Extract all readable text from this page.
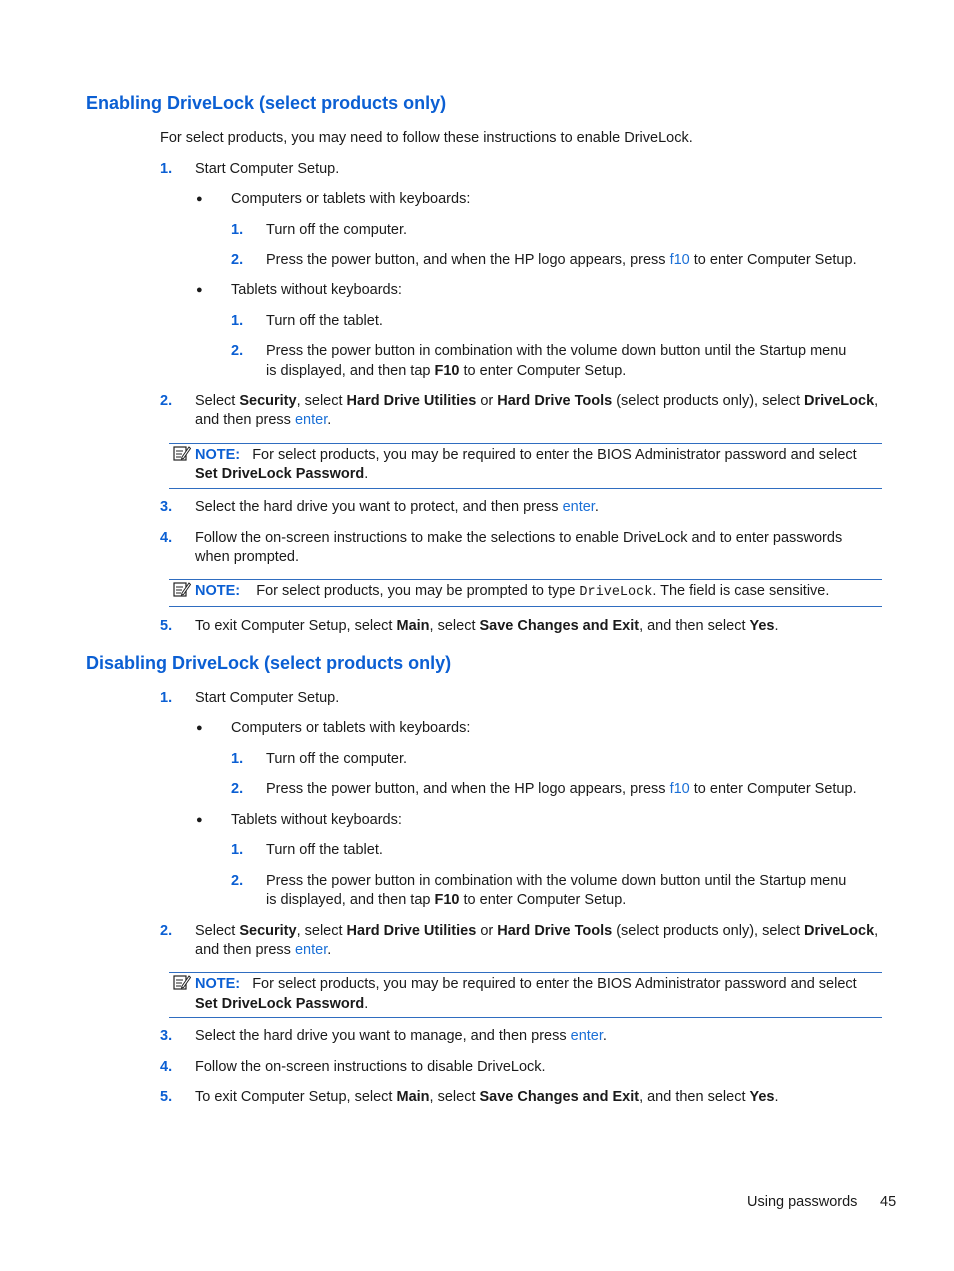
Enabling DriveLock (select products only)
For select products, you may need to follow these instructions to enable DriveLock.
1. Start Computer Setup.
● Computers or tablets with keyboards:
1. Turn off the computer.
2. Press the power button, and when the HP logo appears, press f10 to enter Computer Setup.
● Tablets without keyboards:
1. Turn off the tablet.
2. Press the power button in combination with the volume down button until the Startup menu
is displayed, and then tap F10 to enter Computer Setup.
2. Select Security, select Hard Drive Utilities or Hard Drive Tools (select products only), select DriveLock,
and then press enter.
NOTE: For select products, you may be required to enter the BIOS Administrator password and select
Set DriveLock Password.
3. Select the hard drive you want to protect, and then press enter.
4. Follow the on-screen instructions to make the selections to enable DriveLock and to enter passwords
when prompted.
NOTE: For select products, you may be prompted to type DriveLock. The field is case sensitive.
5. To exit Computer Setup, select Main, select Save Changes and Exit, and then select Yes.
Disabling DriveLock (select products only)
1. Start Computer Setup.
● Computers or tablets with keyboards:
1. Turn off the computer.
2. Press the power button, and when the HP logo appears, press f10 to enter Computer Setup.
● Tablets without keyboards:
1. Turn off the tablet.
2. Press the power button in combination with the volume down button until the Startup menu
is displayed, and then tap F10 to enter Computer Setup.
2. Select Security, select Hard Drive Utilities or Hard Drive Tools (select products only), select DriveLock,
and then press enter.
NOTE: For select products, you may be required to enter the BIOS Administrator password and select
Set DriveLock Password.
3. Select the hard drive you want to manage, and then press enter.
4. Follow the on-screen instructions to disable DriveLock.
5. To exit Computer Setup, select Main, select Save Changes and Exit, and then select Yes.
Using passwords 45
